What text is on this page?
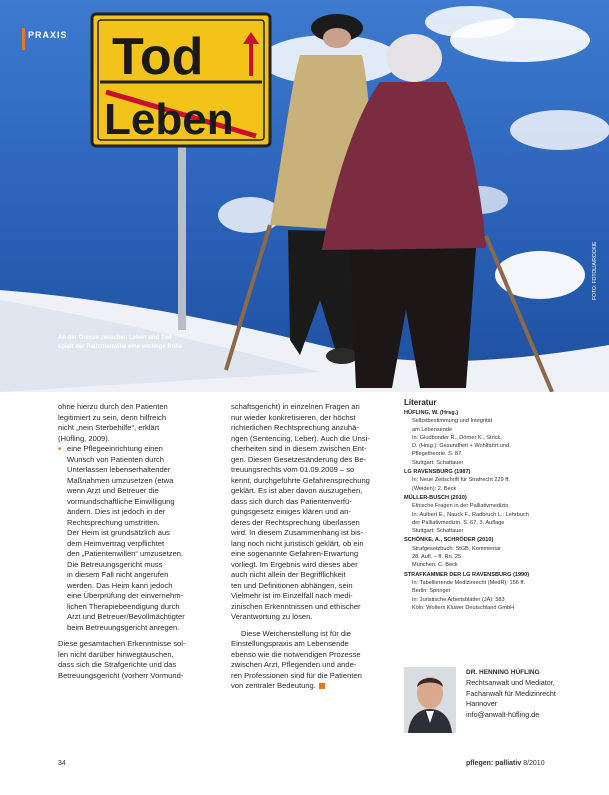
Tod
Leben
PRAXIS
An der Grenze zwischen Leben und Tod spielt der Patientenwille eine wichtige Rolle
FOTO: FOTOLIA/ROCKIE

ohne hierzu durch den Patienten
legitimiert zu sein, denn hilfreich
nicht „nein Sterbehilfe“, erklärt
(Hüfling, 2009).

■ eine Pflegeeinrichtung einen
Wunsch von Patienten durch
Unterlassen lebenserhaltender
Maßnahmen umzusetzen (etwa
wenn Arzt und Betreuer die
vormundschaftliche Einwilligung
ändern. Dies ist jedoch in der
Rechtsprechung umstritten.
Der Heim ist grundsätzlich aus
dem Heimvertrag verpflichtet
den „Patientenwillen“ umzusetzen.
Die Betreuungsgericht muss
in diesem Fall nicht angerufen
werden. Das Heim kann jedoch
eine Überprüfung der einvernehm-
lichen Therapiebeendigung durch
Arzt und Betreuer/Bevollmächtigter
beim Betreuungsgericht anregen.

Diese gesamtachen Erkenntnisse sol-
len nicht darüber hinwegtäuschen,
dass sich die Strafgerichte und das
Betreuungsgericht (vorherr Vormund-

schaftsgericht) in einzelnen Fragen an
nur wieder konkretisieren, der höchst
richterlichen Rechtsprechung anzuhä-
ngen (Sentencing, Leber). Auch die Unsi-
cherheiten sind in diesem zwischen Ent-
gen. Diesen Gesetzesänderung des Be-
treuungsrechts vom 01.09.2009 – so
kennt, durchgeführte Gefahrensprechung
geklärt. Es ist aber davon auszugehen,
dass sich durch das Patientenverfü-
gungsgesetz einiges klären und an-
deres der Rechtsprechung überlassen
wird. In diesem Zusammenhang ist bis-
lang noch nicht juristisch geklärt, ob ein
eine sogenannte Gefahren-Erwartung
vorliegt. Im Ergebnis wird dieses aber
auch nicht allein der Begrifflichkeit
ten und Definitionen abhängen, sein
Vielmehr ist im Einzelfall nach medi-
zinischen Erkenntnissen und ethischer
Verantwortung zu lösen.

Diese Weichenstellung ist für die
Einstellungspraxis am Lebensende
ebenso wie die notwendigen Prozesse
zwischen Arzt, Pflegenden und ande-
ren Professionen sind für die Patienten
von zentraler Bedeutung.

Literatur
HÜFLING, W. (Hrsg.)
Selbstbestimmung und Integrität
am Lebensende
In: Gludbonder R., Dörner K., Strick,
D. (Hrsg.): Gesundheit + Wohlfahrt und
Pflegetheorie. S. 87.
Stuttgart: Schattauer
LG RAVENSBURG (1987)
In: Neue Zeitschrift für Strafrecht 229 ff.
(Weiden): 2. Beck
MÜLLER-BUSCH (2010)
Ethische Fragen in der Palliativmedizin.
In: Aulbert E., Nauck F., Radbruch L.: Lehrbuch
der Palliativmedizin. S. 67, 3. Auflage
Stuttgart: Schattauer
SCHÖNKE, A., SCHRÖDER (2010)
Strafgesetzbuch: StGB, Kommentar
28. Aufl. – ff. Rn. 25
München: C. Beck
STRAFKAMMER DER LG RAVENSBURG (1990)
In: Tabellierende Medizinrecht (MedR): 156 ff.
Berlin: Springer
In: Juristische Arbeitsblätter (JA): 583
Köln: Wolters Kluwer Deutschland GmbH
DR. HENNING HÜFLING
Rechtsanwalt und Mediator,
Fachanwalt für Medizinrecht
Hannover
info@anwalt-hüfling.de
34	pflegen: palliativ 8/2010
